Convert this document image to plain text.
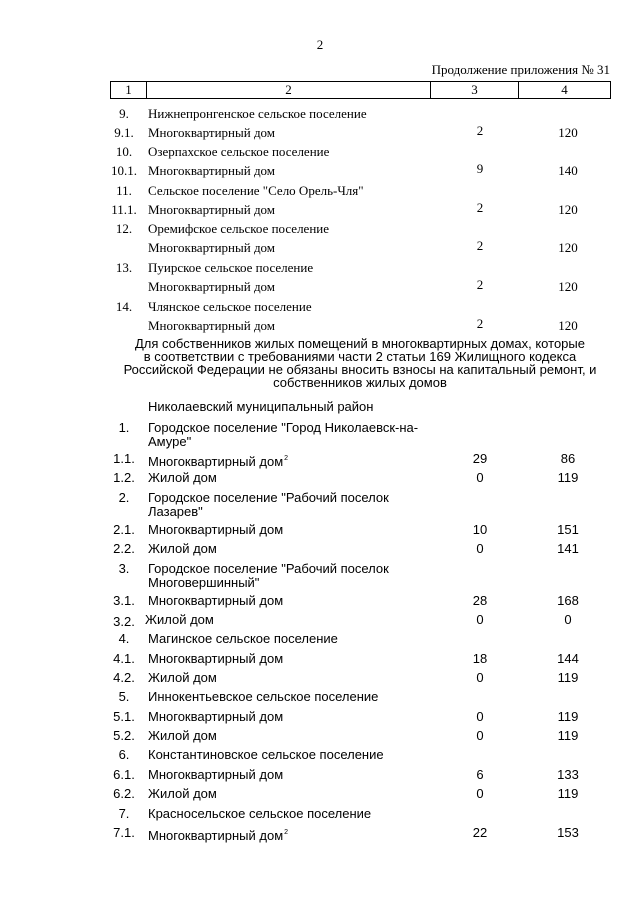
2
Продолжение приложения № 31
1	2	3	4
9.	Нижнепронгенское сельское поселение
9.1.	Многоквартирный дом	2	120
10.	Озерпахское сельское поселение
10.1. Многоквартирный дом	9	140
11.	Сельское поселение "Село Орель-Чля"
11.1. Многоквартирный дом	2	120
12.	Оремифское сельское поселение
Многоквартирный дом	2	120
13.	Пуирское сельское поселение
Многоквартирный дом	2	120
14.	Члянское сельское поселение
Многоквартирный дом	2	120
Для собственников жилых помещений в многоквартирных домах, которые
в соответствии с требованиями части 2 статьи 169 Жилищного кодекса
Российской Федерации не обязаны вносить взносы на капитальный ремонт, и
собственников жилых домов
Николаевский муниципальный район
1.	Городское поселение "Город Николаевск-на-
Амуре"
1.1.	Многоквартирный дом$^2$	29	86
1.2.	Жилой дом	0	119
2.	Городское поселение "Рабочий поселок
Лазарев"
2.1.	Многоквартирный дом	10	151
2.2.	Жилой дом	0	141
3.	Городское поселение "Рабочий поселок
Многовершинный"
3.1.	Многоквартирный дом	28	168
3.2. Жилой дом	0	0
4.	Магинское сельское поселение
4.1.	Многоквартирный дом	18	144
4.2.	Жилой дом	0	119
5.	Иннокентьевское сельское поселение
5.1.	Многоквартирный дом	0	119
5.2.	Жилой дом	0	119
6.	Константиновское сельское поселение
6.1.	Многоквартирный дом	6	133
6.2.	Жилой дом	0	119
7.	Красносельское сельское поселение
7.1.	Многоквартирный дом$^2$	22	153
